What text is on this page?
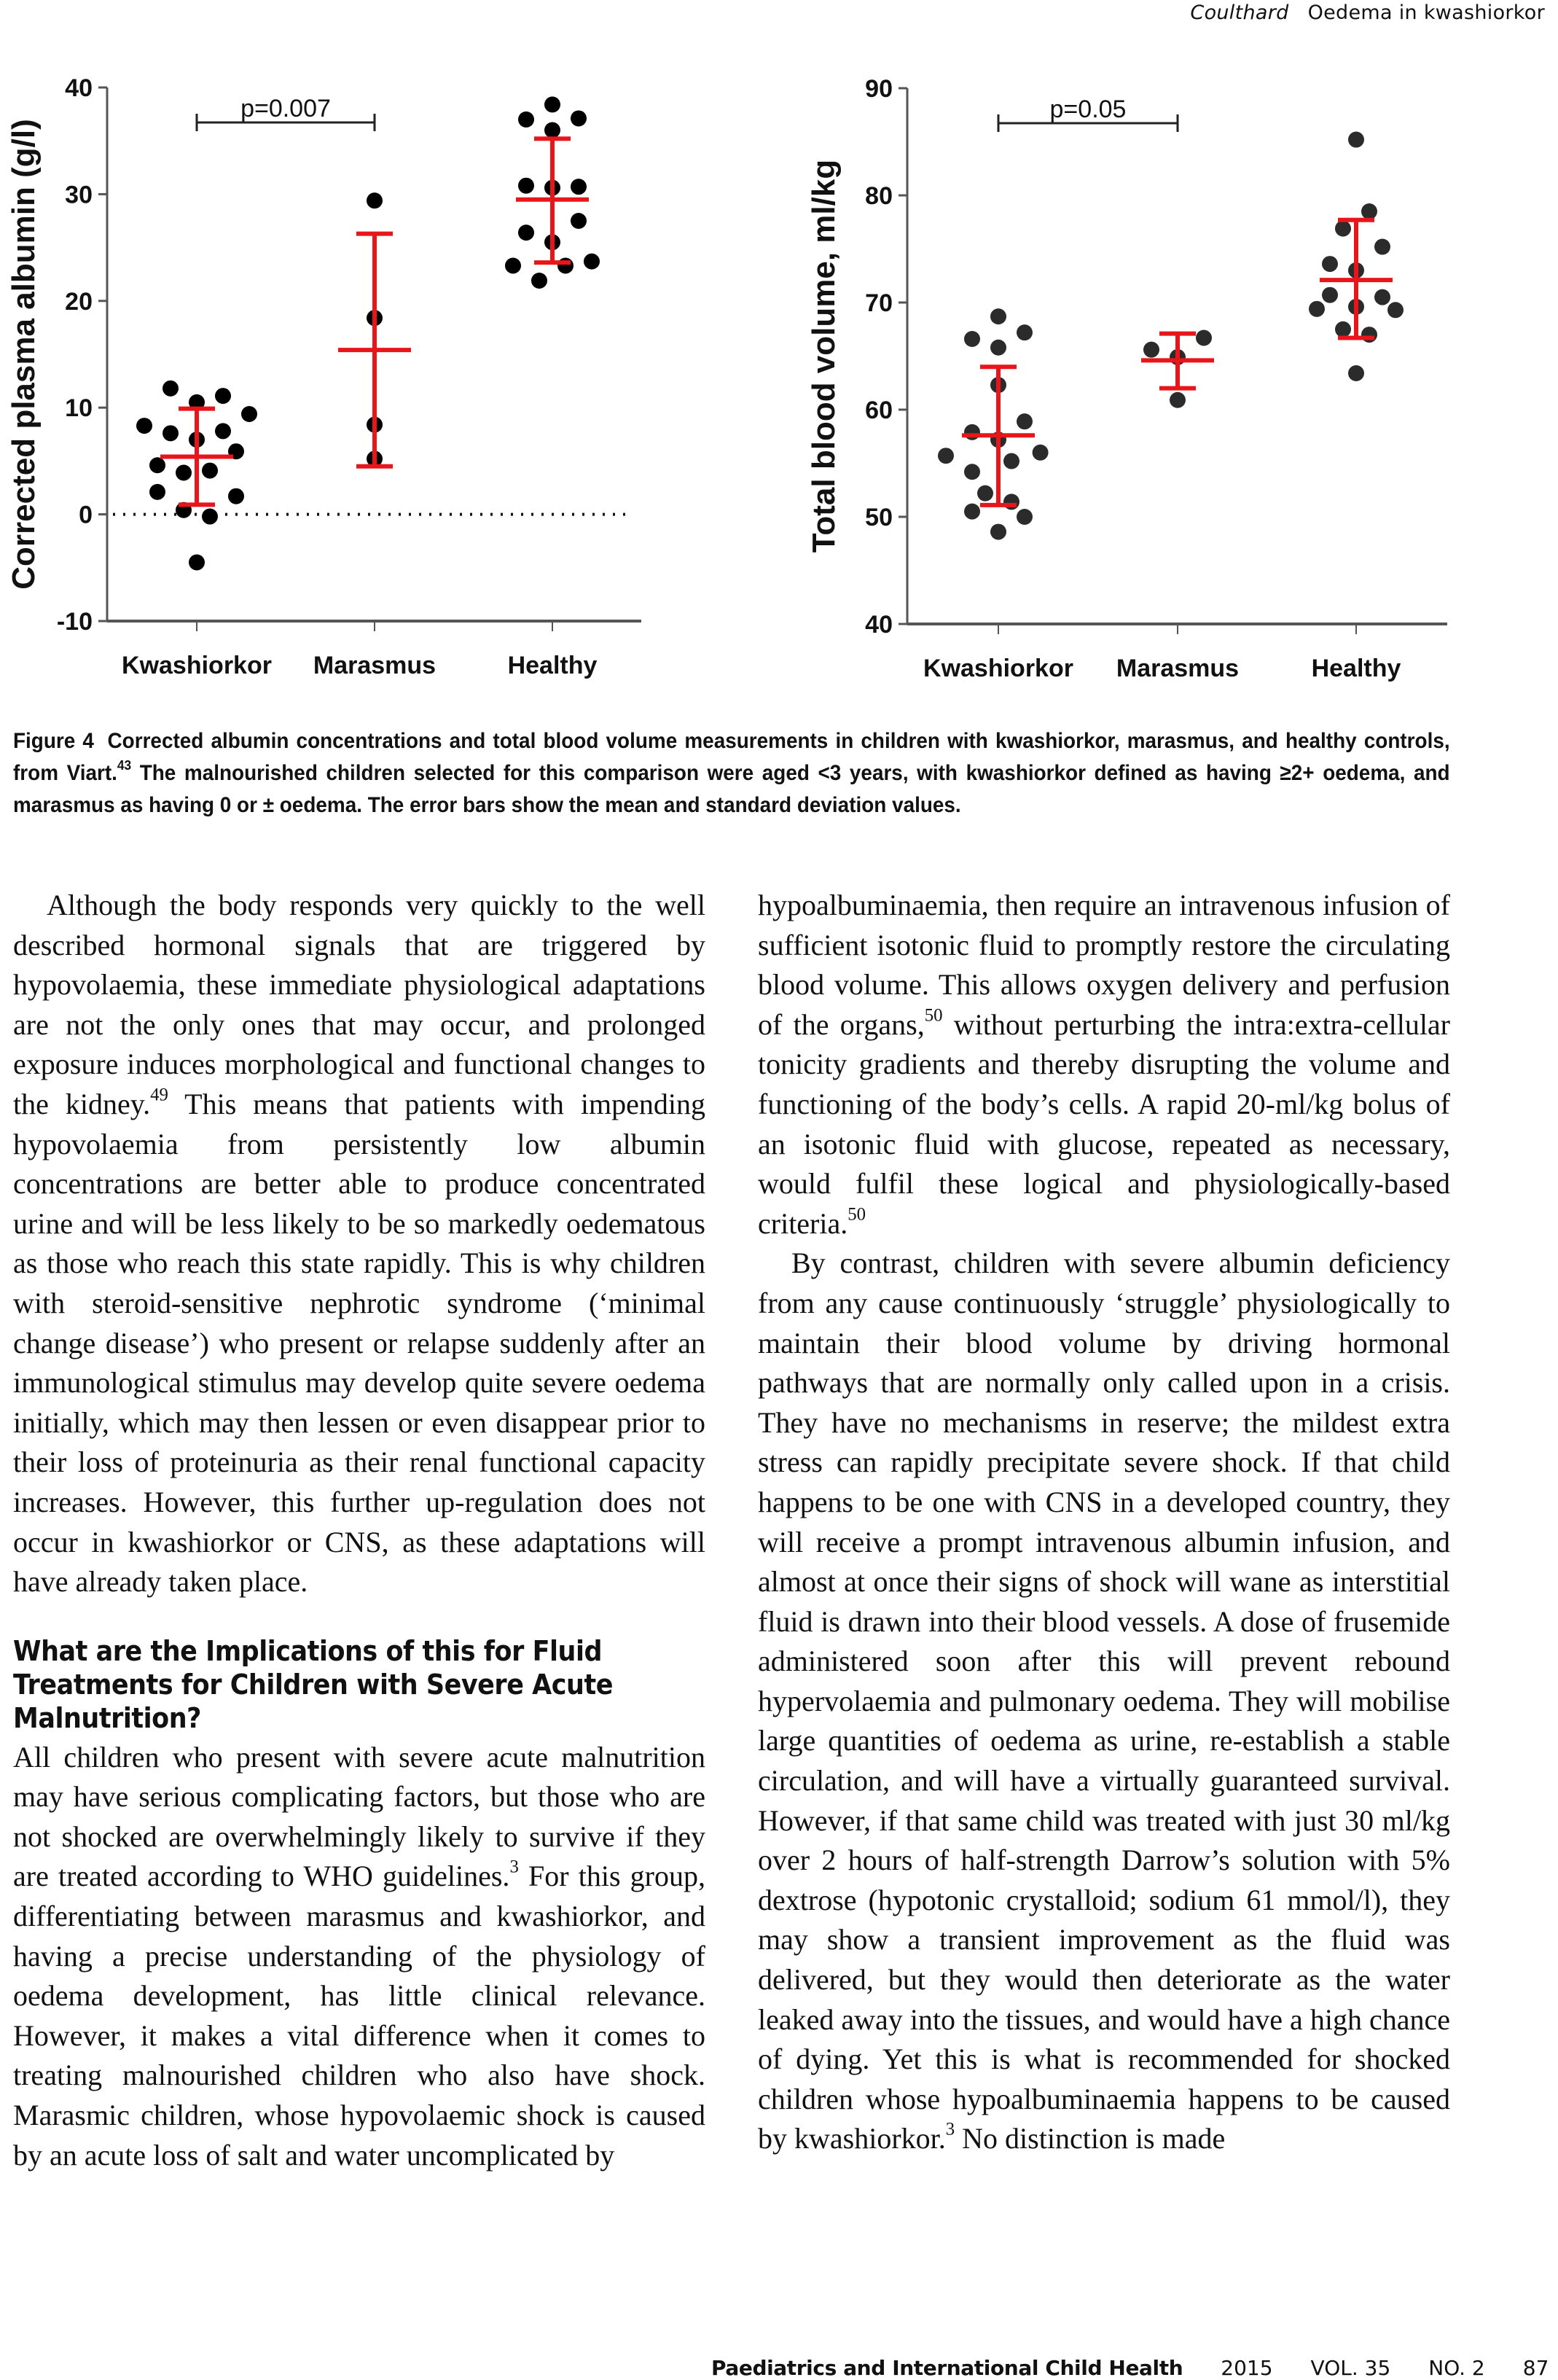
Coulthard Oedema in kwashiorkor
-10
0
10
20
30
40
Corrected plasma albumin (g/l)
Kwashiorkor Marasmus	Healthy
p=0.007
40
50
60
70
80
90
Total blood volume, ml/kg
Kwashiorkor Marasmus	Healthy
p=0.05
Figure 4 Corrected albumin concentrations and total blood volume measurements in children with kwashiorkor, marasmus, and healthy controls, from Viart.$^{43}$ The malnourished children selected for this comparison were aged <3 years, with kwashiorkor defined as having ≥2+ oedema, and marasmus as having 0 or ± oedema. The error bars show the mean and standard deviation values.

Although the body responds very quickly to the well described hormonal signals that are triggered by hypovolaemia, these immediate physiological adaptations are not the only ones that may occur, and prolonged exposure induces morphological and functional changes to the kidney.$^{49}$ This means that patients with impending hypovolaemia from persistently low albumin concentrations are better able to produce concentrated urine and will be less likely to be so markedly oedematous as those who reach this state rapidly. This is why children with steroid-sensitive nephrotic syndrome (‘minimal change disease’) who present or relapse suddenly after an immunological stimulus may develop quite severe oedema initially, which may then lessen or even disappear prior to their loss of proteinuria as their renal functional capacity increases. However, this further up-regulation does not occur in kwashiorkor or CNS, as these adaptations will have already taken place.

What are the Implications of this for Fluid Treatments for Children with Severe Acute Malnutrition?

All children who present with severe acute malnutrition may have serious complicating factors, but those who are not shocked are overwhelmingly likely to survive if they are treated according to WHO guidelines.$^3$ For this group, differentiating between marasmus and kwashiorkor, and having a precise understanding of the physiology of oedema development, has little clinical relevance. However, it makes a vital difference when it comes to treating malnourished children who also have shock. Marasmic children, whose hypovolaemic shock is caused by an acute loss of salt and water uncomplicated by

hypoalbuminaemia, then require an intravenous infusion of sufficient isotonic fluid to promptly restore the circulating blood volume. This allows oxygen delivery and perfusion of the organs,$^{50}$ without perturbing the intra:extra-cellular tonicity gradients and thereby disrupting the volume and functioning of the body’s cells. A rapid 20-ml/kg bolus of an isotonic fluid with glucose, repeated as necessary, would fulfil these logical and physiologically-based criteria.$^{50}$

By contrast, children with severe albumin deficiency from any cause continuously ‘struggle’ physiologically to maintain their blood volume by driving hormonal pathways that are normally only called upon in a crisis. They have no mechanisms in reserve; the mildest extra stress can rapidly precipitate severe shock. If that child happens to be one with CNS in a developed country, they will receive a prompt intravenous albumin infusion, and almost at once their signs of shock will wane as interstitial fluid is drawn into their blood vessels. A dose of frusemide administered soon after this will prevent rebound hypervolaemia and pulmonary oedema. They will mobilise large quantities of oedema as urine, re-establish a stable circulation, and will have a virtually guaranteed survival. However, if that same child was treated with just 30 ml/kg over 2 hours of half-strength Darrow’s solution with 5% dextrose (hypotonic crystalloid; sodium 61 mmol/l), they may show a transient improvement as the fluid was delivered, but they would then deteriorate as the water leaked away into the tissues, and would have a high chance of dying. Yet this is what is recommended for shocked children whose hypoalbuminaemia happens to be caused by kwashiorkor.$^3$ No distinction is made

Paediatrics and International Child Health 2015 VOL. 35 NO. 2 87
